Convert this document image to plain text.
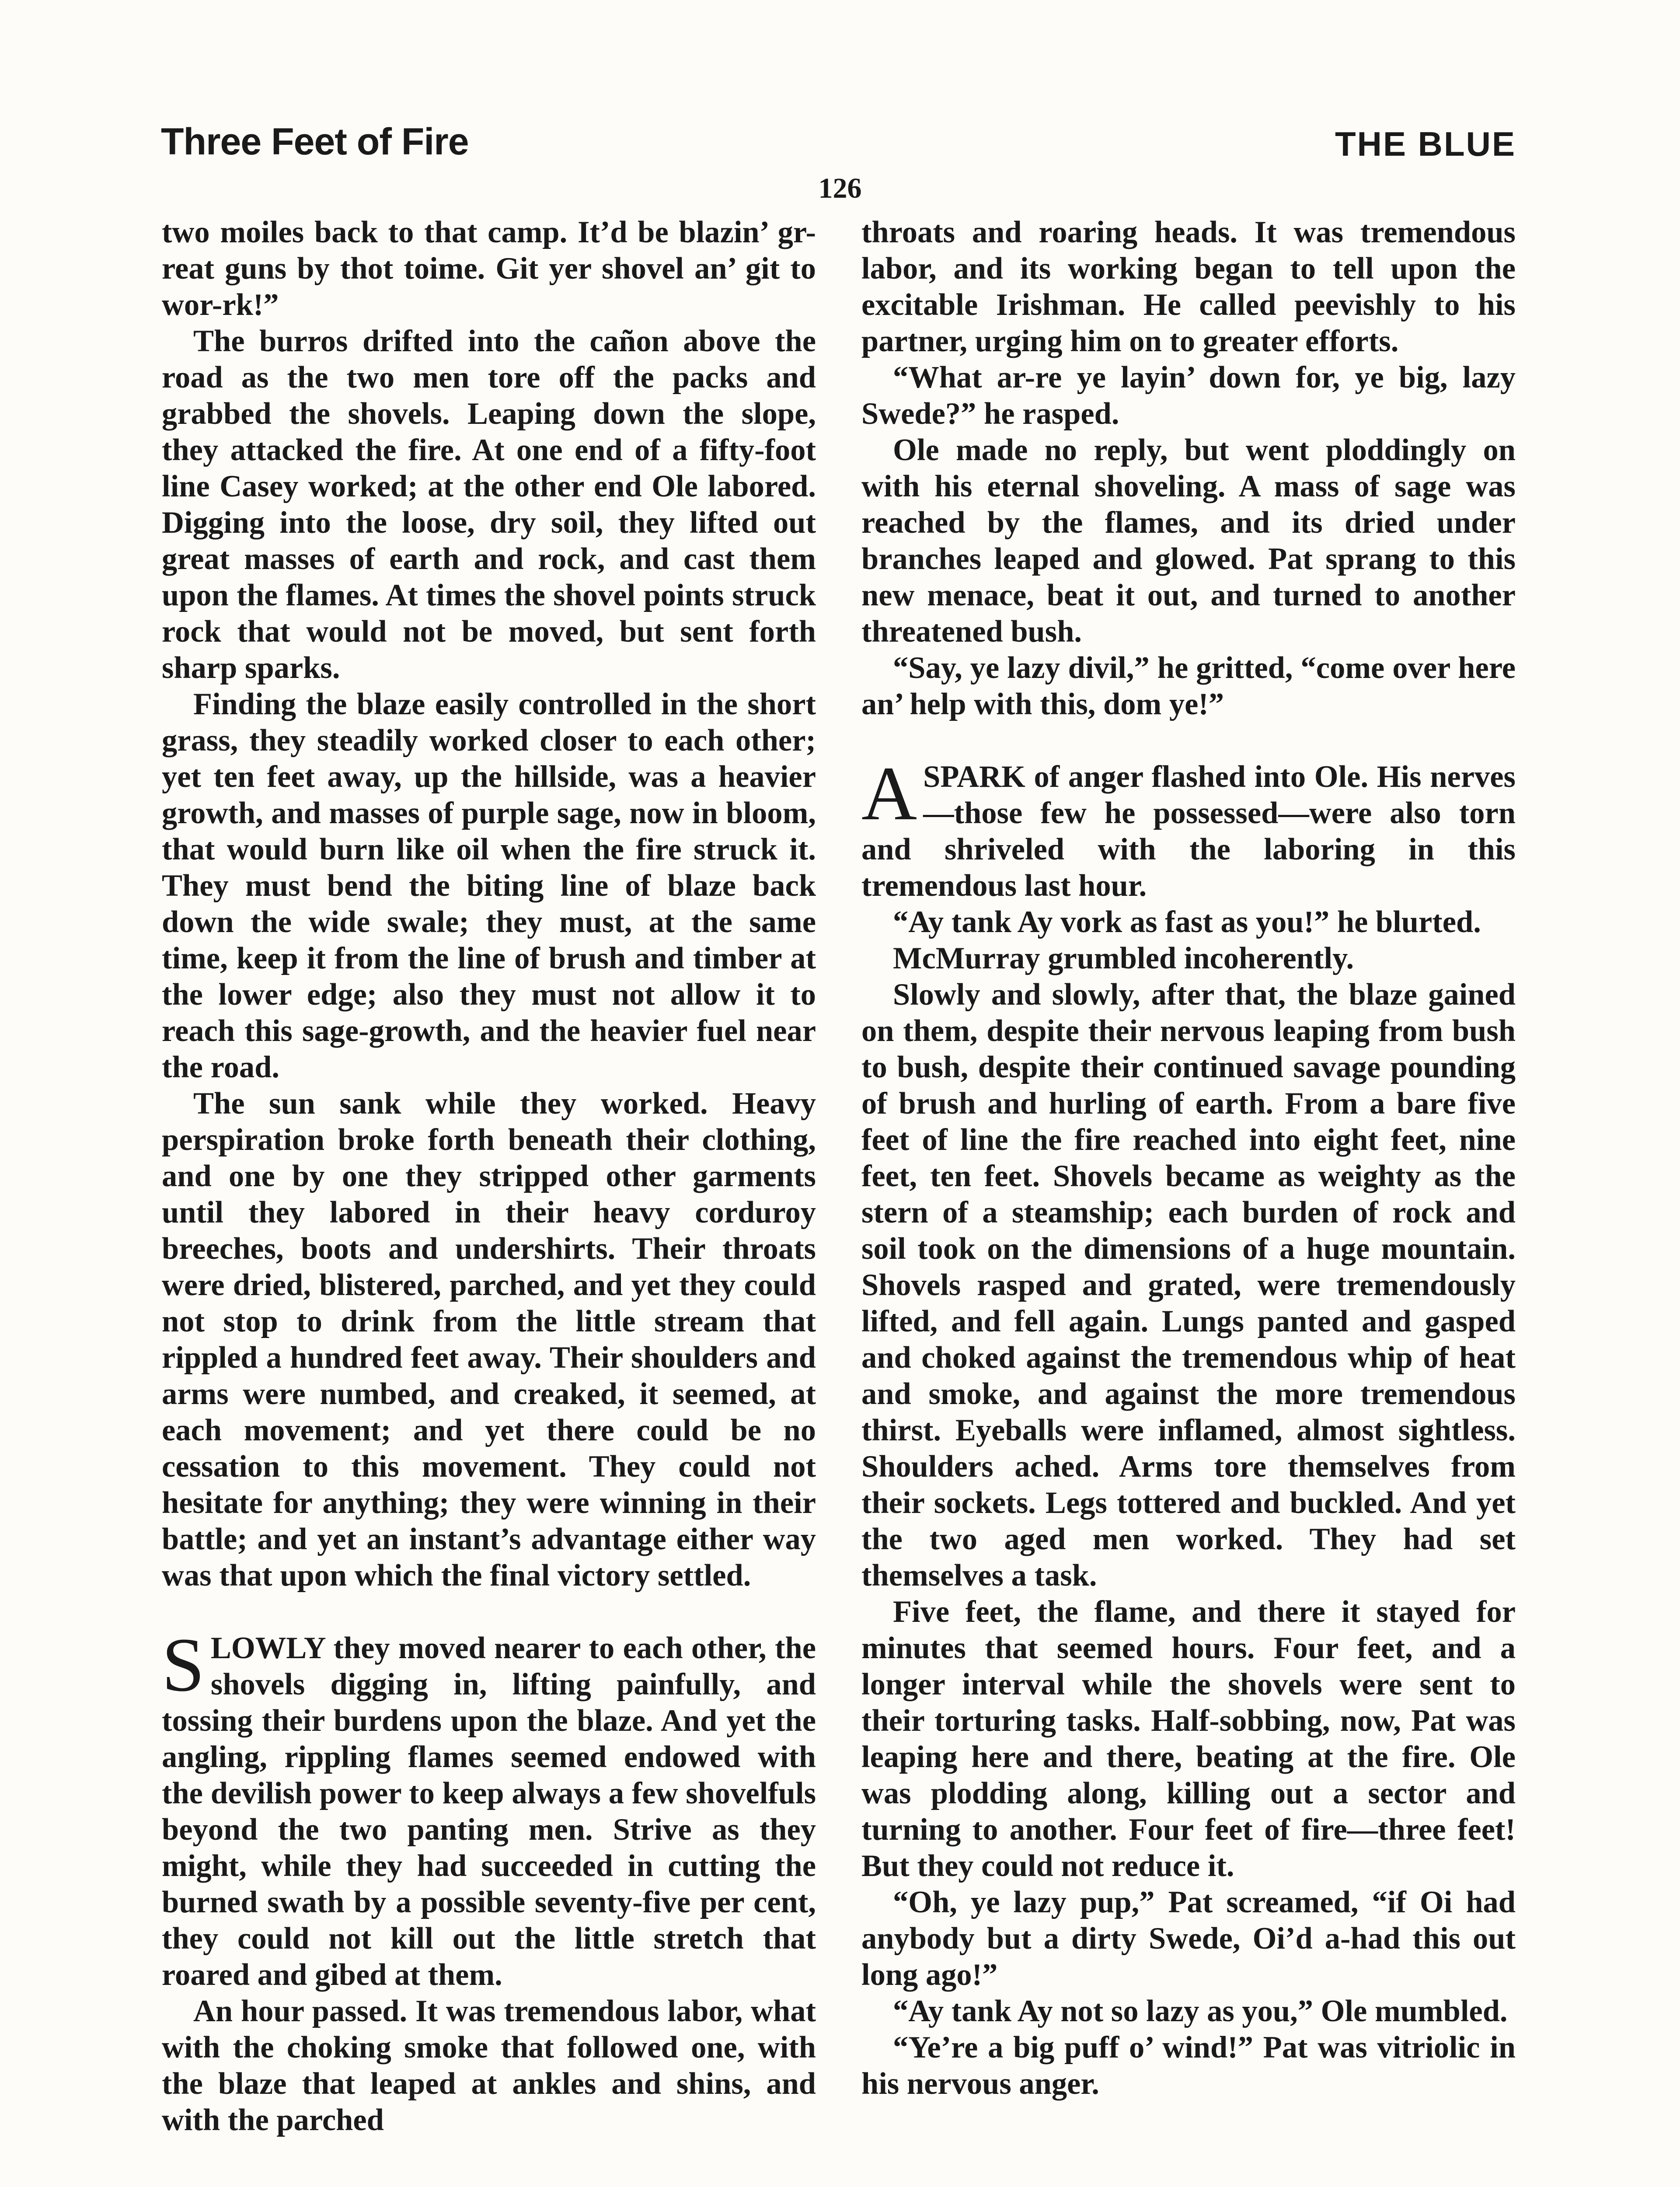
Three Feet of Fire	THE BLUE
126

two moiles back to that camp. It’d be blazin’ gr-reat guns by thot toime. Git yer shovel an’ git to wor-rk!”

The burros drifted into the cañon above the road as the two men tore off the packs and grabbed the shovels. Leaping down the slope, they attacked the fire. At one end of a fifty-foot line Casey worked; at the other end Ole labored. Digging into the loose, dry soil, they lifted out great masses of earth and rock, and cast them upon the flames. At times the shovel points struck rock that would not be moved, but sent forth sharp sparks.

Finding the blaze easily controlled in the short grass, they steadily worked closer to each other; yet ten feet away, up the hillside, was a heavier growth, and masses of purple sage, now in bloom, that would burn like oil when the fire struck it. They must bend the biting line of blaze back down the wide swale; they must, at the same time, keep it from the line of brush and timber at the lower edge; also they must not allow it to reach this sage-growth, and the heavier fuel near the road.

The sun sank while they worked. Heavy perspiration broke forth beneath their clothing, and one by one they stripped other garments until they labored in their heavy corduroy breeches, boots and undershirts. Their throats were dried, blistered, parched, and yet they could not stop to drink from the little stream that rippled a hundred feet away. Their shoulders and arms were numbed, and creaked, it seemed, at each movement; and yet there could be no cessation to this movement. They could not hesitate for anything; they were winning in their battle; and yet an instant’s advantage either way was that upon which the final victory settled.

SLOWLY they moved nearer to each other, the shovels digging in, lifting painfully, and tossing their burdens upon the blaze. And yet the angling, rippling flames seemed endowed with the devilish power to keep always a few shovelfuls beyond the two panting men. Strive as they might, while they had succeeded in cutting the burned swath by a possible seventy-five per cent, they could not kill out the little stretch that roared and gibed at them.

An hour passed. It was tremendous labor, what with the choking smoke that followed one, with the blaze that leaped at ankles and shins, and with the parched

throats and roaring heads. It was tremendous labor, and its working began to tell upon the excitable Irishman. He called peevishly to his partner, urging him on to greater efforts.

“What ar-re ye layin’ down for, ye big, lazy Swede?” he rasped.

Ole made no reply, but went ploddingly on with his eternal shoveling. A mass of sage was reached by the flames, and its dried under branches leaped and glowed. Pat sprang to this new menace, beat it out, and turned to another threatened bush.

“Say, ye lazy divil,” he gritted, “come over here an’ help with this, dom ye!”

ASPARK of anger flashed into Ole. His nerves—those few he possessed—were also torn and shriveled with the laboring in this tremendous last hour.

“Ay tank Ay vork as fast as you!” he blurted.

McMurray grumbled incoherently.

Slowly and slowly, after that, the blaze gained on them, despite their nervous leaping from bush to bush, despite their continued savage pounding of brush and hurling of earth. From a bare five feet of line the fire reached into eight feet, nine feet, ten feet. Shovels became as weighty as the stern of a steamship; each burden of rock and soil took on the dimensions of a huge mountain. Shovels rasped and grated, were tremendously lifted, and fell again. Lungs panted and gasped and choked against the tremendous whip of heat and smoke, and against the more tremendous thirst. Eyeballs were inflamed, almost sightless. Shoulders ached. Arms tore themselves from their sockets. Legs tottered and buckled. And yet the two aged men worked. They had set themselves a task.

Five feet, the flame, and there it stayed for minutes that seemed hours. Four feet, and a longer interval while the shovels were sent to their torturing tasks. Half-sobbing, now, Pat was leaping here and there, beating at the fire. Ole was plodding along, killing out a sector and turning to another. Four feet of fire—three feet! But they could not reduce it.

“Oh, ye lazy pup,” Pat screamed, “if Oi had anybody but a dirty Swede, Oi’d a-had this out long ago!”

“Ay tank Ay not so lazy as you,” Ole mumbled.

“Ye’re a big puff o’ wind!” Pat was vitriolic in his nervous anger.
